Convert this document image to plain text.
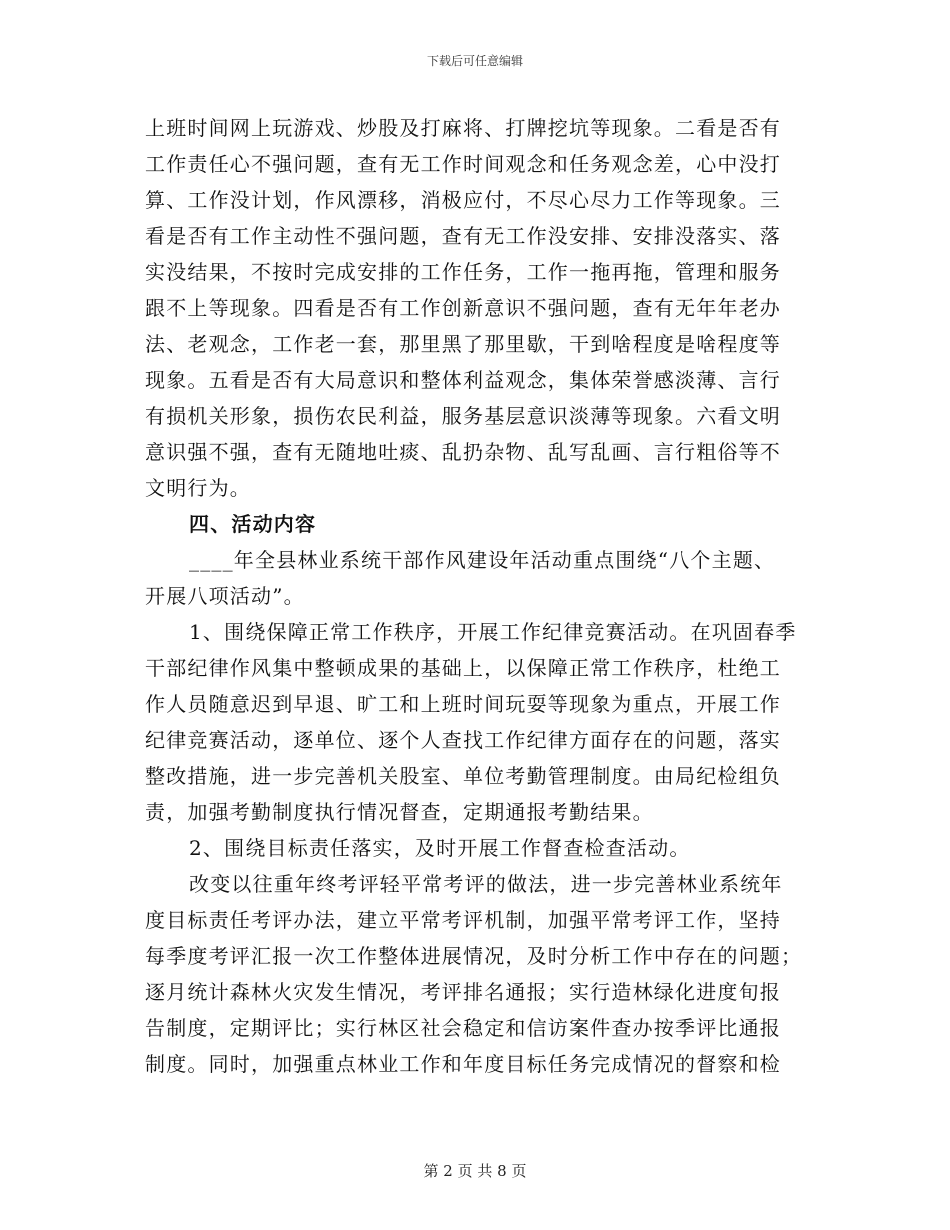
下载后可任意编辑
上班时间网上玩游戏、炒股及打麻将、打牌挖坑等现象。二看是否有
工作责任心不强问题，查有无工作时间观念和任务观念差，心中没打
算、工作没计划，作风漂移，消极应付，不尽心尽力工作等现象。三
看是否有工作主动性不强问题，查有无工作没安排、安排没落实、落
实没结果，不按时完成安排的工作任务，工作一拖再拖，管理和服务
跟不上等现象。四看是否有工作创新意识不强问题，查有无年年老办
法、老观念，工作老一套，那里黑了那里歇，干到啥程度是啥程度等
现象。五看是否有大局意识和整体利益观念，集体荣誉感淡薄、言行
有损机关形象，损伤农民利益，服务基层意识淡薄等现象。六看文明
意识强不强，查有无随地吐痰、乱扔杂物、乱写乱画、言行粗俗等不
文明行为。
四、活动内容
____年全县林业系统干部作风建设年活动重点围绕“八个主题、
开展八项活动”。
1、围绕保障正常工作秩序，开展工作纪律竞赛活动。在巩固春季
干部纪律作风集中整顿成果的基础上，以保障正常工作秩序，杜绝工
作人员随意迟到早退、旷工和上班时间玩耍等现象为重点，开展工作
纪律竞赛活动，逐单位、逐个人查找工作纪律方面存在的问题，落实
整改措施，进一步完善机关股室、单位考勤管理制度。由局纪检组负
责，加强考勤制度执行情况督查，定期通报考勤结果。
2、围绕目标责任落实，及时开展工作督查检查活动。
改变以往重年终考评轻平常考评的做法，进一步完善林业系统年
度目标责任考评办法，建立平常考评机制，加强平常考评工作，坚持
每季度考评汇报一次工作整体进展情况，及时分析工作中存在的问题；
逐月统计森林火灾发生情况，考评排名通报；实行造林绿化进度旬报
告制度，定期评比；实行林区社会稳定和信访案件查办按季评比通报
制度。同时，加强重点林业工作和年度目标任务完成情况的督察和检
第 2 页 共 8 页
